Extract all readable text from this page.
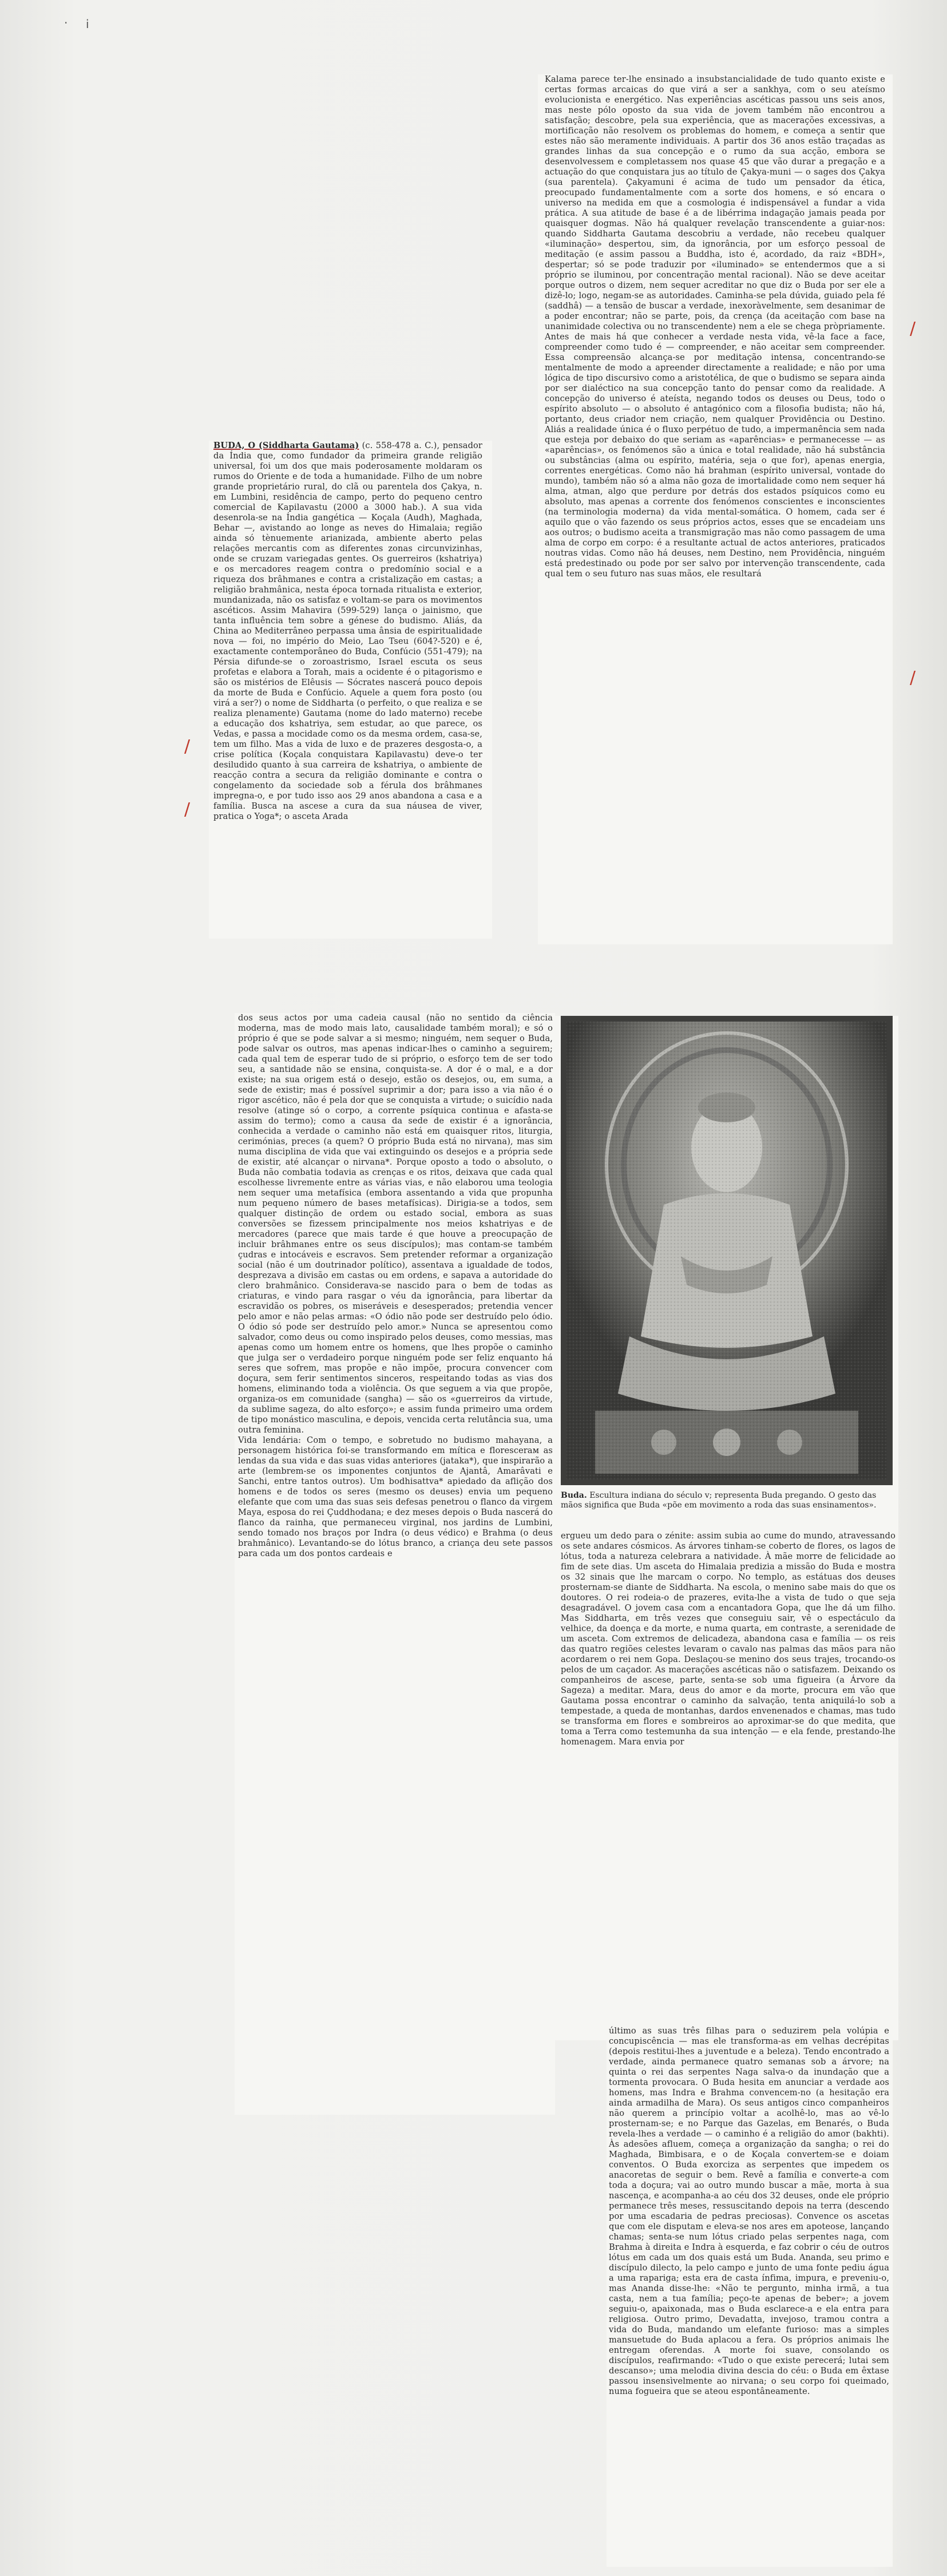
· ⅰ

BUDA, O (Siddharta Gautama) (c. 558-478 a. C.), pensador da Índia que, como fundador da primeira grande religião universal, foi um dos que mais poderosamente moldaram os rumos do Oriente e de toda a humanidade. Filho de um nobre grande proprietário rural, do clã ou parentela dos Çakya, n. em Lumbini, residência de campo, perto do pequeno centro comercial de Kapilavastu (2000 a 3000 hab.). A sua vida desenrola-se na Índia gangética — Koçala (Audh), Maghada, Behar —, avistando ao longe as neves do Himalaia; região ainda só tènuemente arianizada, ambiente aberto pelas relações mercantis com as diferentes zonas circunvizinhas, onde se cruzam variegadas gentes. Os guerreiros (kshatriya) e os mercadores reagem contra o predomínio social e a riqueza dos brâhmanes e contra a cristalização em castas; a religião brahmânica, nesta época tornada ritualista e exterior, mundanizada, não os satisfaz e voltam-se para os movimentos ascéticos. Assim Mahavira (599-529) lança o jainismo, que tanta influência tem sobre a génese do budismo. Aliás, da China ao Mediterrâneo perpassa uma ânsia de espiritualidade nova — foi, no império do Meio, Lao Tseu (604?-520) e é, exactamente contemporâneo do Buda, Confúcio (551-479); na Pérsia difunde-se o zoroastrismo, Israel escuta os seus profetas e elabora a Torah, mais a ocidente é o pitagorismo e são os mistérios de Elêusis — Sócrates nascerá pouco depois da morte de Buda e Confúcio. Aquele a quem fora posto (ou virá a ser?) o nome de Siddharta (o perfeito, o que realiza e se realiza plenamente) Gautama (nome do lado materno) recebe a educação dos kshatriya, sem estudar, ao que parece, os Vedas, e passa a mocidade como os da mesma ordem, casa-se, tem um filho. Mas a vida de luxo e de prazeres desgosta-o, a crise política (Koçala conquistara Kapilavastu) deve-o ter desiludido quanto à sua carreira de kshatriya, o ambiente de reacção contra a secura da religião dominante e contra o congelamento da sociedade sob a férula dos brâhmanes impregna-o, e por tudo isso aos 29 anos abandona a casa e a família. Busca na ascese a cura da sua náusea de viver, pratica o Yoga*; o asceta Arada

Kalama parece ter-lhe ensinado a insubstancialidade de tudo quanto existe e certas formas arcaicas do que virá a ser a sankhya, com o seu ateísmo evolucionista e energético. Nas experiências ascéticas passou uns seis anos, mas neste pólo oposto da sua vida de jovem também não encontrou a satisfação; descobre, pela sua experiência, que as macerações excessivas, a mortificação não resolvem os problemas do homem, e começa a sentir que estes não são meramente individuais. A partir dos 36 anos estão traçadas as grandes linhas da sua concepção e o rumo da sua acção, embora se desenvolvessem e completassem nos quase 45 que vão durar a pregação e a actuação do que conquistara jus ao título de Çakya-muni — o sages dos Çakya (sua parentela). Çakyamuni é acima de tudo um pensador da ética, preocupado fundamentalmente com a sorte dos homens, e só encara o universo na medida em que a cosmologia é indispensável a fundar a vida prática. A sua atitude de base é a de libérrima indagação jamais peada por quaisquer dogmas. Não há qualquer revelação transcendente a guiar-nos: quando Siddharta Gautama descobriu a verdade, não recebeu qualquer «iluminação» despertou, sim, da ignorância, por um esforço pessoal de meditação (e assim passou a Buddha, isto é, acordado, da raiz «BDH», despertar; só se pode traduzir por «iluminado» se entendermos que a si próprio se iluminou, por concentração mental racional). Não se deve aceitar porque outros o dizem, nem sequer acreditar no que diz o Buda por ser ele a dizê-lo; logo, negam-se as autoridades. Caminha-se pela dúvida, guiado pela fé (saddhâ) — a tensão de buscar a verdade, inexoràvelmente, sem desanimar de a poder encontrar; não se parte, pois, da crença (da aceitação com base na unanimidade colectiva ou no transcendente) nem a ele se chega pròpriamente. Antes de mais há que conhecer a verdade nesta vida, vê-la face a face, compreender como tudo é — compreender, e não aceitar sem compreender. Essa compreensão alcança-se por meditação intensa, concentrando-se mentalmente de modo a apreender directamente a realidade; e não por uma lógica de tipo discursivo como a aristotélica, de que o budismo se separa ainda por ser dialéctico na sua concepção tanto do pensar como da realidade. A concepção do universo é ateísta, negando todos os deuses ou Deus, todo o espírito absoluto — o absoluto é antagónico com a filosofia budista; não há, portanto, deus criador nem criação, nem qualquer Providência ou Destino. Aliás a realidade única é o fluxo perpétuo de tudo, a impermanência sem nada que esteja por debaixo do que seriam as «aparências» e permanecesse — as «aparências», os fenómenos são a única e total realidade, não há substância ou substâncias (alma ou espírito, matéria, seja o que for), apenas energia, correntes energéticas. Como não há brahman (espírito universal, vontade do mundo), também não só a alma não goza de imortalidade como nem sequer há alma, atman, algo que perdure por detrás dos estados psíquicos como eu absoluto, mas apenas a corrente dos fenómenos conscientes e inconscientes (na terminologia moderna) da vida mental-somática. O homem, cada ser é aquilo que o vão fazendo os seus próprios actos, esses que se encadeiam uns aos outros; o budismo aceita a transmigração mas não como passagem de uma alma de corpo em corpo: é a resultante actual de actos anteriores, praticados noutras vidas. Como não há deuses, nem Destino, nem Providência, ninguém está predestinado ou pode por ser salvo por intervenção transcendente, cada qual tem o seu futuro nas suas mãos, ele resultará

dos seus actos por uma cadeia causal (não no sentido da ciência moderna, mas de modo mais lato, causalidade também moral); e só o próprio é que se pode salvar a si mesmo; ninguém, nem sequer o Buda, pode salvar os outros, mas apenas indicar-lhes o caminho a seguirem; cada qual tem de esperar tudo de si próprio, o esforço tem de ser todo seu, a santidade não se ensina, conquista-se. A dor é o mal, e a dor existe; na sua origem está o desejo, estão os desejos, ou, em suma, a sede de existir; mas é possível suprimir a dor; para isso a via não é o rigor ascético, não é pela dor que se conquista a virtude; o suicídio nada resolve (atinge só o corpo, a corrente psíquica continua e afasta-se assim do termo); como a causa da sede de existir é a ignorância, conhecida a verdade o caminho não está em quaisquer ritos, liturgia, cerimónias, preces (a quem? O próprio Buda está no nirvana), mas sim numa disciplina de vida que vai extinguindo os desejos e a própria sede de existir, até alcançar o nirvana*. Porque oposto a todo o absoluto, o Buda não combatia todavia as crenças e os ritos, deixava que cada qual escolhesse livremente entre as várias vias, e não elaborou uma teologia nem sequer uma metafísica (embora assentando a vida que propunha num pequeno número de bases metafísicas). Dirigia-se a todos, sem qualquer distinção de ordem ou estado social, embora as suas conversões se fizessem principalmente nos meios kshatriyas e de mercadores (parece que mais tarde é que houve a preocupação de incluir brâhmanes entre os seus discípulos); mas contam-se também çudras e intocáveis e escravos. Sem pretender reformar a organização social (não é um doutrinador político), assentava a igualdade de todos, desprezava a divisão em castas ou em ordens, e sapava a autoridade do clero brahmânico. Considerava-se nascido para o bem de todas as criaturas, e vindo para rasgar o véu da ignorância, para libertar da escravidão os pobres, os miseráveis e desesperados; pretendia vencer pelo amor e não pelas armas: «O ódio não pode ser destruído pelo ódio. O ódio só pode ser destruído pelo amor.» Nunca se apresentou como salvador, como deus ou como inspirado pelos deuses, como messias, mas apenas como um homem entre os homens, que lhes propõe o caminho que julga ser o verdadeiro porque ninguém pode ser feliz enquanto há seres que sofrem, mas propõe e não impõe, procura convencer com doçura, sem ferir sentimentos sinceros, respeitando todas as vias dos homens, eliminando toda a violência. Os que seguem a via que propõe, organiza-os em comunidade (sangha) — são os «guerreiros da virtude, da sublime sageza, do alto esforço»; e assim funda primeiro uma ordem de tipo monástico masculina, e depois, vencida certa relutância sua, uma outra feminina.
Vida lendária: Com o tempo, e sobretudo no budismo mahayana, a personagem histórica foi-se transformando em mítica e florescerам as lendas da sua vida e das suas vidas anteriores (jataka*), que inspirarão a arte (lembrem-se os imponentes conjuntos de Ajantâ, Amarâvati e Sanchi, entre tantos outros). Um bodhisattva* apiedado da aflição dos homens e de todos os seres (mesmo os deuses) envia um pequeno elefante que com uma das suas seis defesas penetrou o flanco da virgem Maya, esposa do rei Çuddhodana; e dez meses depois o Buda nascerá do flanco da rainha, que permaneceu virginal, nos jardins de Lumbini, sendo tomado nos braços por Indra (o deus védico) e Brahma (o deus brahmânico). Levantando-se do lótus branco, a criança deu sete passos para cada um dos pontos cardeais e

Buda. Escultura indiana do século v; representa Buda pregando. O gesto das mãos significa que Buda «põe em movimento a roda das suas ensinamentos».

ergueu um dedo para o zénite: assim subia ao cume do mundo, atravessando os sete andares cósmicos. As árvores tinham-se coberto de flores, os lagos de lótus, toda a natureza celebrara a natividade. À mãe morre de felicidade ao fim de sete dias. Um asceta do Himalaia predizia a missão do Buda e mostra os 32 sinais que lhe marcam o corpo. No templo, as estátuas dos deuses prosternam-se diante de Siddharta. Na escola, o menino sabe mais do que os doutores. O rei rodeia-o de prazeres, evita-lhe a vista de tudo o que seja desagradável. O jovem casa com a encantadora Gopa, que lhe dá um filho. Mas Siddharta, em três vezes que conseguiu sair, vê o espectáculo da velhice, da doença e da morte, e numa quarta, em contraste, a serenidade de um asceta. Com extremos de delicadeza, abandona casa e família — os reis das quatro regiões celestes levaram o cavalo nas palmas das mãos para não acordarem o rei nem Gopa. Deslaçou-se menino dos seus trajes, trocando-os pelos de um caçador. As macerações ascéticas não o satisfazem. Deixando os companheiros de ascese, parte, senta-se sob uma figueira (a Árvore da Sageza) a meditar. Mara, deus do amor e da morte, procura em vão que Gautama possa encontrar o caminho da salvação, tenta aniquilá-lo sob a tempestade, a queda de montanhas, dardos envenenados e chamas, mas tudo se transforma em flores e sombreiros ao aproximar-se do que medita, que toma a Terra como testemunha da sua intenção — e ela fende, prestando-lhe homenagem. Mara envia por

último as suas três filhas para o seduzirem pela volúpia e concupiscência — mas ele transforma-as em velhas decrépitas (depois restitui-lhes a juventude e a beleza). Tendo encontrado a verdade, ainda permanece quatro semanas sob a árvore; na quinta o rei das serpentes Naga salva-o da inundação que a tormenta provocara. O Buda hesita em anunciar a verdade aos homens, mas Indra e Brahma convencem-no (a hesitação era ainda armadilha de Mara). Os seus antigos cinco companheiros não querem a princípio voltar a acolhê-lo, mas ao vê-lo prosternam-se; e no Parque das Gazelas, em Benarés, o Buda revela-lhes a verdade — o caminho é a religião do amor (bakhti). Às adesões afluem, começa a organização da sangha; o rei do Maghada, Bimbisara, e o de Koçala convertem-se e doiam conventos. O Buda exorciza as serpentes que impedem os anacoretas de seguir o bem. Revê a família e converte-a com toda a doçura; vai ao outro mundo buscar a mãe, morta à sua nascença, e acompanha-a ao céu dos 32 deuses, onde ele próprio permanece três meses, ressuscitando depois na terra (descendo por uma escadaria de pedras preciosas). Convence os ascetas que com ele disputam e eleva-se nos ares em apoteose, lançando chamas; senta-se num lótus criado pelas serpentes naga, com Brahma à direita e Indra à esquerda, e faz cobrir o céu de outros lótus em cada um dos quais está um Buda. Ananda, seu primo e discípulo dilecto, la pelo campo e junto de uma fonte pediu água a uma rapariga; esta era de casta ínfima, impura, e preveniu-o, mas Ananda disse-lhe: «Não te pergunto, minha irmã, a tua casta, nem a tua família; peço-te apenas de beber»; a jovem seguiu-o, apaixonada, mas o Buda esclarece-a e ela entra para religiosa. Outro primo, Devadatta, invejoso, tramou contra a vida do Buda, mandando um elefante furioso: mas a simples mansuetude do Buda aplacou a fera. Os próprios animais lhe entregam oferendas. A morte foi suave, consolando os discípulos, reafirmando: «Tudo o que existe perecerá; lutai sem descanso»; uma melodia divina descia do céu: o Buda em êxtase passou insensìvelmente ao nirvana; o seu corpo foi queimado, numa fogueira que se ateou espontâneamente.

/
/
/
/
